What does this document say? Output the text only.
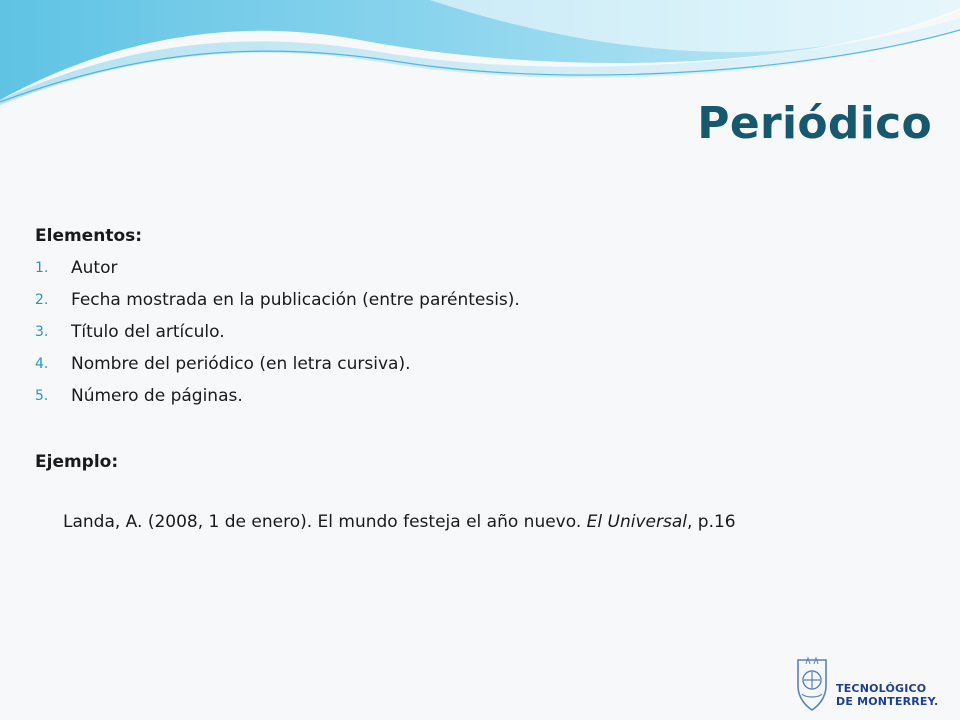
Periódico

Elementos:

1. Autor
2. Fecha mostrada en la publicación (entre paréntesis).
3. Título del artículo.
4. Nombre del periódico (en letra cursiva).
5. Número de páginas.

Ejemplo:

Landa, A. (2008, 1 de enero). El mundo festeja el año nuevo. El Universal, p.16

TECNOLÓGICO
DE MONTERREY.
